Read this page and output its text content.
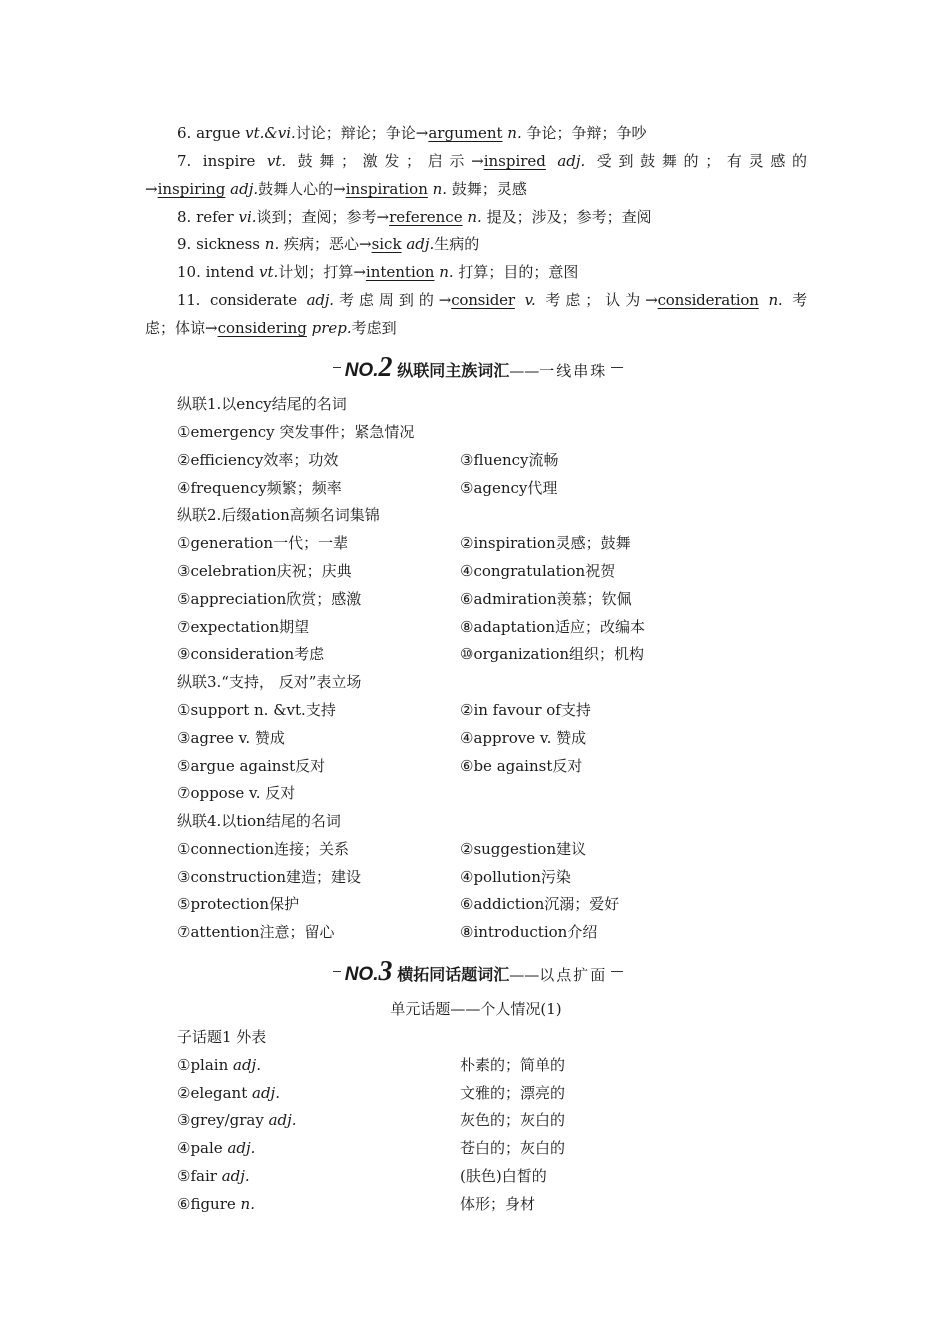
6. argue vt.&vi.讨论；辩论；争论→argument n. 争论；争辩；争吵
7. inspire vt. 鼓舞；激发；启示→inspired adj. 受到鼓舞的；有灵感的
→inspiring adj.鼓舞人心的→inspiration n. 鼓舞；灵感
8. refer vi.谈到；查阅；参考→reference n. 提及；涉及；参考；查阅
9. sickness n. 疾病；恶心→sick adj.生病的
10. intend vt.计划；打算→intention n. 打算；目的；意图
11. considerate adj.考虑周到的→consider v. 考虑；认为→consideration n. 考
虑；体谅→considering prep.考虑到
NO.2 纵联同主族词汇——一线串珠
纵联1.以ency结尾的名词
①emergency 突发事件；紧急情况
②efficiency效率；功效	③fluency流畅
④frequency频繁；频率	⑤agency代理
纵联2.后缀ation高频名词集锦
①generation一代；一辈	②inspiration灵感；鼓舞
③celebration庆祝；庆典	④congratulation祝贺
⑤appreciation欣赏；感激	⑥admiration羡慕；钦佩
⑦expectation期望	⑧adaptation适应；改编本
⑨consideration考虑	⑩organization组织；机构
纵联3.“支持， 反对”表立场
①support n. &vt.支持	②in favour of支持
③agree v. 赞成	④approve v. 赞成
⑤argue against反对	⑥be against反对
⑦oppose v. 反对
纵联4.以tion结尾的名词
①connection连接；关系	②suggestion建议
③construction建造；建设	④pollution污染
⑤protection保护	⑥addiction沉溺；爱好
⑦attention注意；留心	⑧introduction介绍
NO.3 横拓同话题词汇——以点扩面
单元话题——个人情况(1)
子话题1 外表
①plain adj.	朴素的；简单的
②elegant adj.	文雅的；漂亮的
③grey/gray adj.	灰色的；灰白的
④pale adj.	苍白的；灰白的
⑤fair adj.	(肤色)白皙的
⑥figure n.	体形；身材
